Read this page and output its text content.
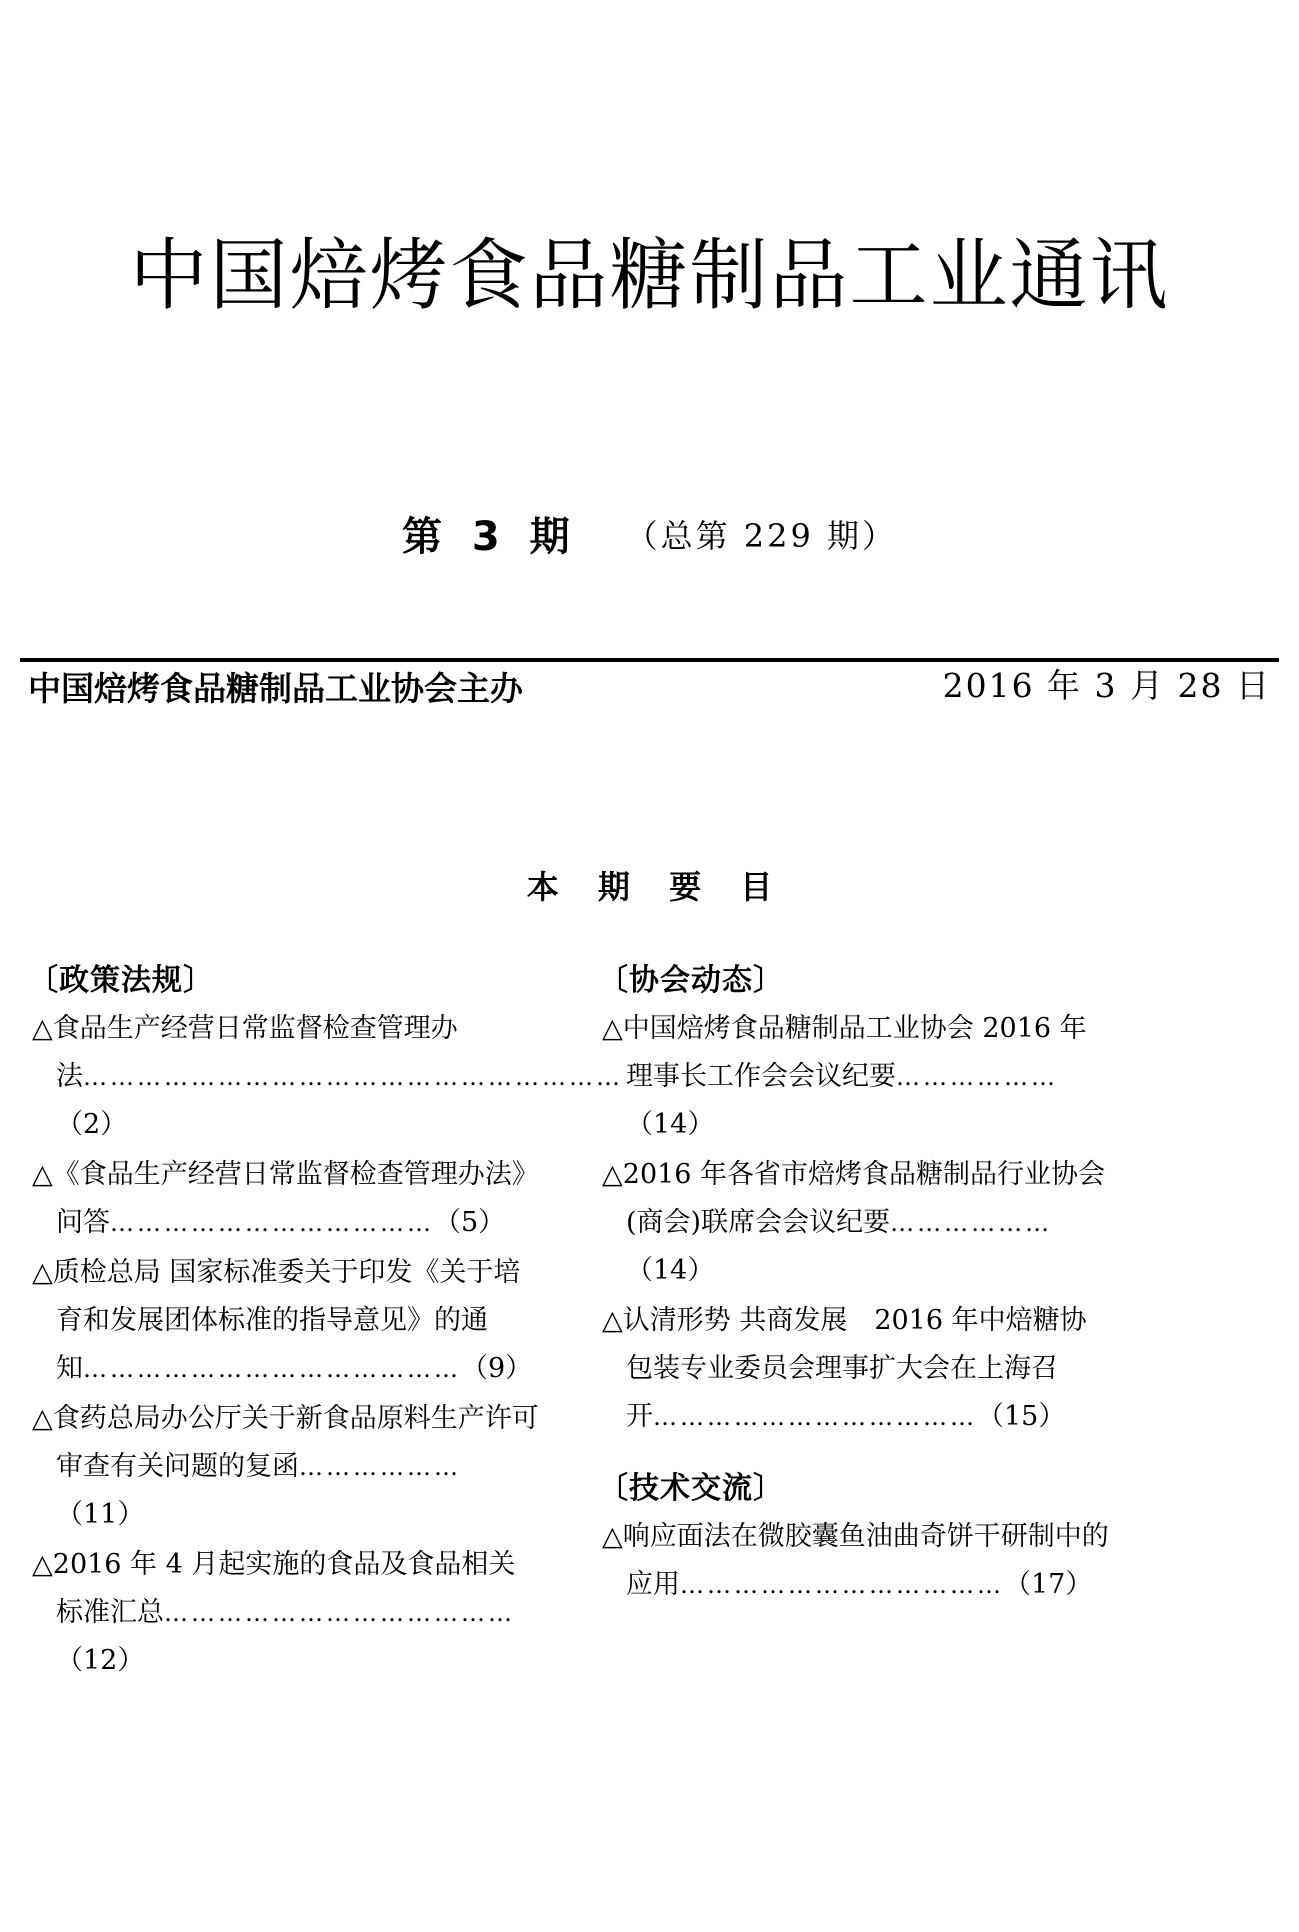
中国焙烤食品糖制品工业通讯
第 3 期 （总第 229 期）
中国焙烤食品糖制品工业协会主办	2016 年 3 月 28 日
本 期 要 目
〔政策法规〕
△食品生产经营日常监督检查管理办法……………………………………………………（2）
△《食品生产经营日常监督检查管理办法》问答………………………………（5）
△质检总局 国家标准委关于印发《关于培育和发展团体标准的指导意见》的通知……………………………………（9）
△食药总局办公厅关于新食品原料生产许可审查有关问题的复函………………（11）
△2016 年 4 月起实施的食品及食品相关标准汇总…………………………………（12）
〔协会动态〕
△中国焙烤食品糖制品工业协会 2016 年理事长工作会会议纪要………………（14）
△2016 年各省市焙烤食品糖制品行业协会(商会)联席会会议纪要………………（14）
△认清形势 共商发展　2016 年中焙糖协包装专业委员会理事扩大会在上海召开………………………………（15）
〔技术交流〕
△响应面法在微胶囊鱼油曲奇饼干研制中的应用………………………………（17）
